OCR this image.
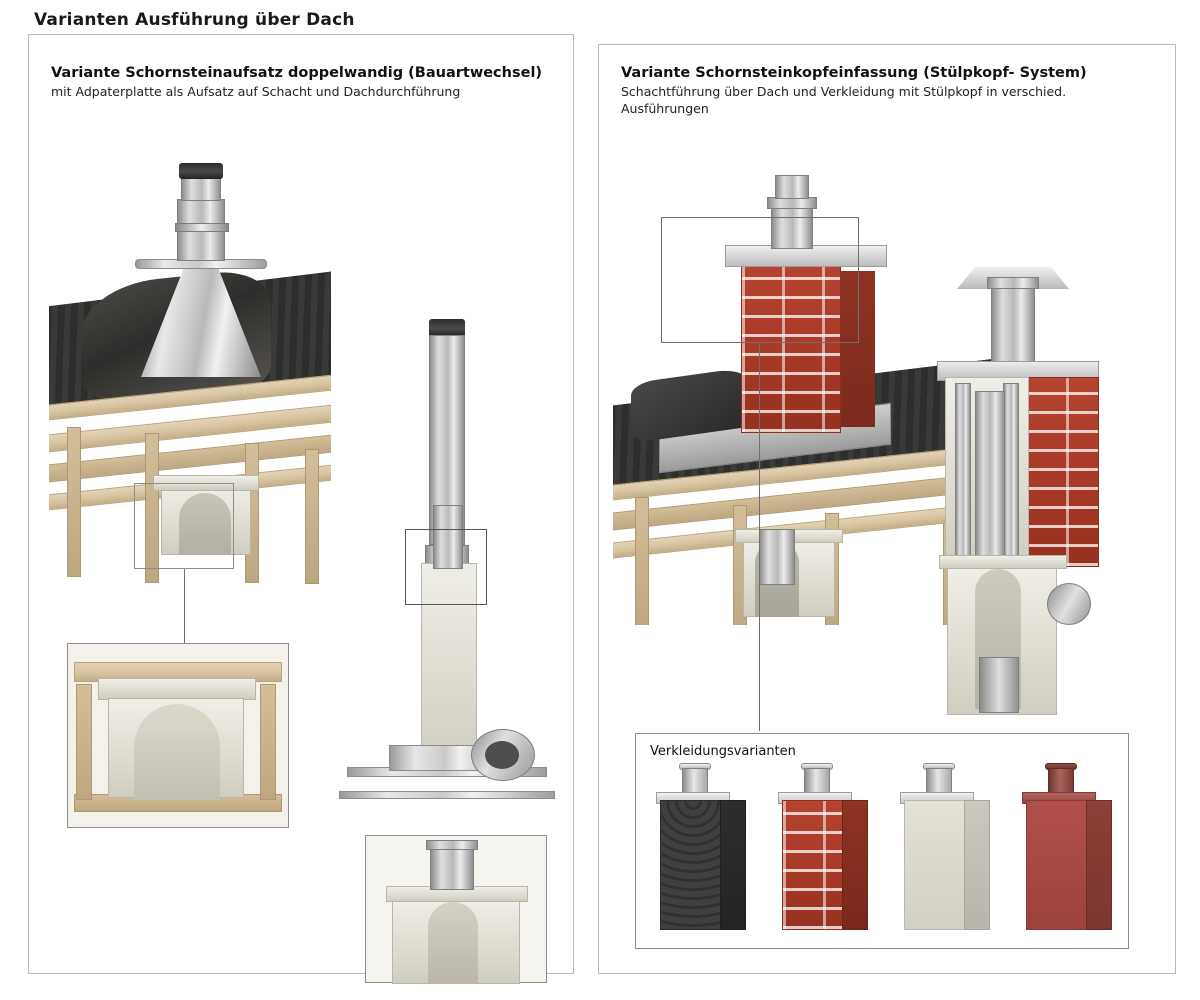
Varianten Ausführung über Dach
Variante Schornsteinaufsatz doppelwandig (Bauartwechsel)
mit Adpaterplatte als Aufsatz auf Schacht und Dachdurchführung
Variante Schornsteinkopfeinfassung (Stülpkopf- System)
Schachtführung über Dach und Verkleidung mit Stülpkopf in verschied. Ausführungen
Verkleidungsvarianten
